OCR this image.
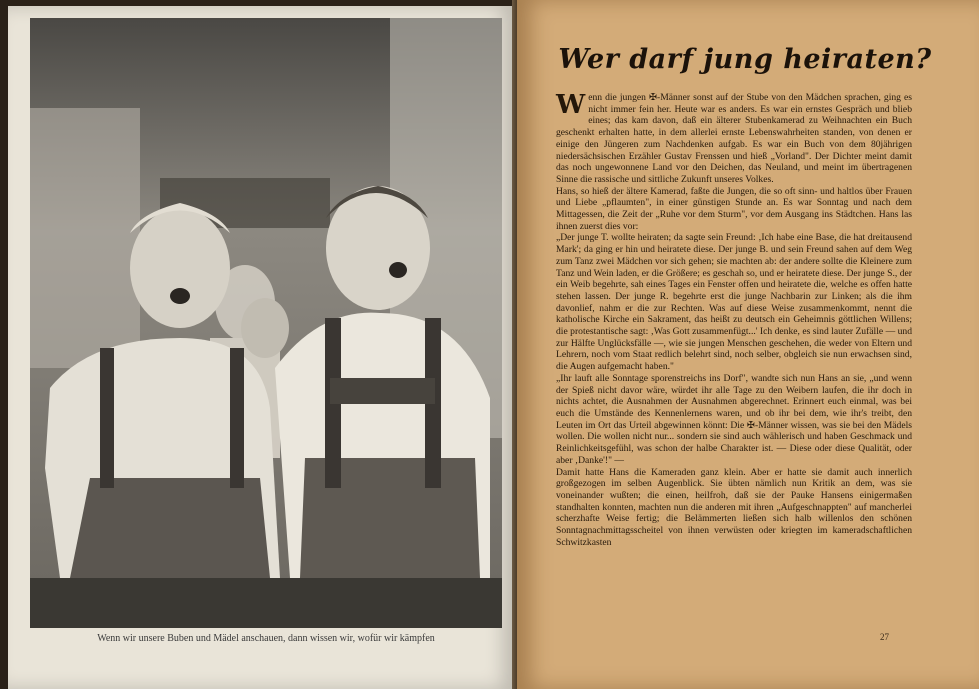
Wenn wir unsere Buben und Mädel anschauen, dann wissen wir, wofür wir kämpfen
Wer darf jung heiraten?

Wenn die jungen ✠-Männer sonst auf der Stube von den Mädchen sprachen, ging es nicht immer fein her. Heute war es anders. Es war ein ernstes Gespräch und blieb eines; das kam davon, daß ein älterer Stubenkamerad zu Weihnachten ein Buch geschenkt erhalten hatte, in dem allerlei ernste Lebenswahrheiten standen, von denen er einige den Jüngeren zum Nachdenken aufgab. Es war ein Buch von dem 80jährigen niedersächsischen Erzähler Gustav Frenssen und hieß „Vorland". Der Dichter meint damit das noch ungewonnene Land vor den Deichen, das Neuland, und meint im übertragenen Sinne die rassische und sittliche Zukunft unseres Volkes.

Hans, so hieß der ältere Kamerad, faßte die Jungen, die so oft sinn- und haltlos über Frauen und Liebe „pflaumten", in einer günstigen Stunde an. Es war Sonntag und nach dem Mittagessen, die Zeit der „Ruhe vor dem Sturm", vor dem Ausgang ins Städtchen. Hans las ihnen zuerst dies vor:

„Der junge T. wollte heiraten; da sagte sein Freund: ‚Ich habe eine Base, die hat dreitausend Mark'; da ging er hin und heiratete diese. Der junge B. und sein Freund sahen auf dem Weg zum Tanz zwei Mädchen vor sich gehen; sie machten ab: der andere sollte die Kleinere zum Tanz und Wein laden, er die Größere; es geschah so, und er heiratete diese. Der junge S., der ein Weib begehrte, sah eines Tages ein Fenster offen und heiratete die, welche es offen hatte stehen lassen. Der junge R. begehrte erst die junge Nachbarin zur Linken; als die ihm davonlief, nahm er die zur Rechten. Was auf diese Weise zusammenkommt, nennt die katholische Kirche ein Sakrament, das heißt zu deutsch ein Geheimnis göttlichen Willens; die protestantische sagt: ‚Was Gott zusammenfügt...' Ich denke, es sind lauter Zufälle — und zur Hälfte Unglücksfälle —, wie sie jungen Menschen geschehen, die weder von Eltern und Lehrern, noch vom Staat redlich belehrt sind, noch selber, obgleich sie nun erwachsen sind, die Augen aufgemacht haben."

„Ihr lauft alle Sonntage sporenstreichs ins Dorf", wandte sich nun Hans an sie, „und wenn der Spieß nicht davor wäre, würdet ihr alle Tage zu den Weibern laufen, die ihr doch in nichts achtet, die Ausnahmen der Ausnahmen abgerechnet. Erinnert euch einmal, was bei euch die Umstände des Kennenlernens waren, und ob ihr bei dem, wie ihr's treibt, den Leuten im Ort das Urteil abgewinnen könnt: Die ✠-Männer wissen, was sie bei den Mädels wollen. Die wollen nicht nur... sondern sie sind auch wählerisch und haben Geschmack und Reinlichkeitsgefühl, was schon der halbe Charakter ist. — Diese oder diese Qualität, oder aber ‚Danke'!" —

Damit hatte Hans die Kameraden ganz klein. Aber er hatte sie damit auch innerlich großgezogen im selben Augenblick. Sie übten nämlich nun Kritik an dem, was sie voneinander wußten; die einen, heilfroh, daß sie der Pauke Hansens einigermaßen standhalten konnten, machten nun die anderen mit ihren „Aufgeschnappten" auf mancherlei scherzhafte Weise fertig; die Belämmerten ließen sich halb willenlos den schönen Sonntagnachmittagsscheitel von ihnen verwüsten oder kriegten im kameradschaftlichen Schwitzkasten

27
